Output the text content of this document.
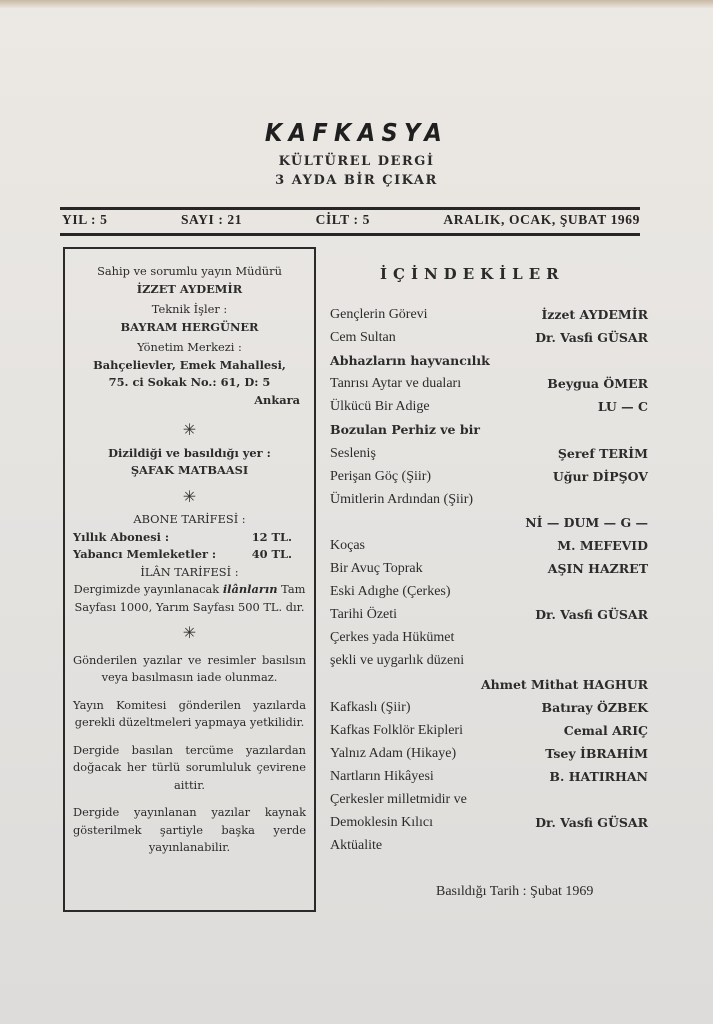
KAFKASYA
KÜLTÜREL DERGİ
3 AYDA BİR ÇIKAR
YIL : 5	SAYI : 21	CİLT : 5	ARALIK, OCAK, ŞUBAT 1969
Sahip ve sorumlu yayın Müdürü
İZZET AYDEMİR
Teknik İşler :
BAYRAM HERGÜNER
Yönetim Merkezi :
Bahçelievler, Emek Mahallesi,
75. ci Sokak No.: 61, D: 5
Ankara
✳
Dizildiği ve basıldığı yer :
ŞAFAK MATBAASI
✳
ABONE TARİFESİ :
Yıllık Abonesi :	12 TL.
Yabancı Memleketler :	40 TL.
İLÂN TARİFESİ :
Dergimizde yayınlanacak ilânların Tam Sayfası 1000, Yarım Sayfası 500 TL. dır.
✳
Gönderilen yazılar ve resimler basılsın veya basılmasın iade olunmaz.
Yayın Komitesi gönderilen yazılarda gerekli düzeltmeleri yapmaya yetkilidir.
Dergide basılan tercüme yazılardan doğacak her türlü sorumluluk çevirene aittir.
Dergide yayınlanan yazılar kaynak gösterilmek şartiyle başka yerde yayınlanabilir.
İÇİNDEKİLER
Gençlerin Görevi	İzzet AYDEMİR
Cem Sultan	Dr. Vasfi GÜSAR
Abhazların hayvancılık
Tanrısı Aytar ve duaları	Beygua ÖMER
Ülkücü Bir Adige	LU — C
Bozulan Perhiz ve bir
Sesleniş	Şeref TERİM
Perişan Göç (Şiir)	Uğur DİPŞOV
Ümitlerin Ardından (Şiir)
Nİ — DUM — G —
Koças	M. MEFEVID
Bir Avuç Toprak	AŞIN HAZRET
Eski Adıghe (Çerkes)
Tarihi Özeti	Dr. Vasfi GÜSAR
Çerkes yada Hükümet
şekli ve uygarlık düzeni
Ahmet Mithat HAGHUR
Kafkaslı (Şiir)	Batıray ÖZBEK
Kafkas Folklör Ekipleri	Cemal ARIÇ
Yalnız Adam (Hikaye)	Tsey İBRAHİM
Nartların Hikâyesi	B. HATIRHAN
Çerkesler milletmidir ve
Demoklesin Kılıcı	Dr. Vasfi GÜSAR
Aktüalite
Basıldığı Tarih : Şubat 1969
